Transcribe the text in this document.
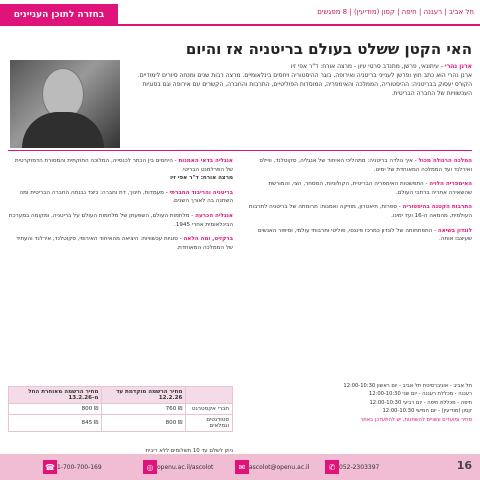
חל אביב | רעננה | חיפה | קסון (מודיעין) | 8 מפגשים
בחזרה לתוכן העניינים
האי הקטן ששלט בעולם בריטניה אז והיום
ארנן נהרי - עיתונאי, פרשן, מתנדב סרטי עיון - מרצה אורח: ד"ר אפי זיו
ארנן נהרי הוא כתב חוץ ופרשן לענייני בריטניה ואירופה, בוגר ההיסטוריה ויחסים בינלאומיים. מרצה רבות שנים ומנחה סיורים לימודיים. הקורס יעסוק בבריטניה: ההיסטוריה, הממלכה והאימפריה, המוסדות הפוליטיים, התרבות והחברה, הקשרים עם אירופה וגם בסוגיות העכשוויות של החברה הבריטית.

המלכה הרגולה מכול - איך נולדה בריטניה: מתהליכי האיחוד של אנגליה, סקוטלנד, וויילס ואירלנד ועד הממלכה המאוחדת של ימינו.

האימפריה הלויה - התפשטות האימפריה הבריטית, הקולוניות, המסחר, הצי, והמורשת שהשאירה אחריה ברחבי העולם.

התרבות הקטנה בהיסטוריה - ספרות, תיאטרון, מוזיקה ואמנות: תרומתה של בריטניה לתרבות העולמית, מהמאה ה-16 ועד ימינו.

לונדון בשיאה - התפתחותה של לונדון כמרכז פיננסי, פוליטי ותרבותי עולמי, וסיפור האנשים שעיצבו אותה.

אנגליה בדאי האמנות - היחסים בין הכתר לכנסייה, המלוכה החוקתית והמסורת הדמוקרטית של הפרלמנט הבריטי.
מרצה אורח: ד"ר אפי זיו

בריטניה והריבוד החברתי - מעמדות, חינוך, דת וחברה: כיצד נבנתה החברה הבריטית ומה השתנה בה לאורך השנים.

אנגליה הכרעה - מלחמות העולם, השפעתן של מלחמות העולם על בריטניה, ומקומה במערכת הבינלאומית אחרי 1945.

ברקזיט, ומה הלאה - סוגיות עכשוויות: היציאה מהאיחוד האירופי, סקוטלנד, אירלנד והעתיד של הממלכה המאוחדת.

תל אביב - אוניברסיטת תל אביב - יום ראשון 12:00-10:30
רעננה - מכללת רעננה - יום שני 12:00-10:30
חיפה - מכללת חיפה - יום רביעי 12:00-10:30
קסון (מודיעין) - יום חמישי 12:00-10:30
מחיר ומועדים עשויים להשתנות, יש להתעדכן באתר
	מחיר הרשמה מוקדמת עד 12.2.26	מחיר הרשמה מאוחרת החל מ-13.2.26
חברי אקסטרנט	₪ 760	₪ 800
סטודנטים וגמלאים	₪ 800	₪ 845
ניתן לשלם עד 10 תשלומים ללא ריבית
16
052-2303397
✆
ascolot@openu.ac.il
✉
openu.ac.il/ascolot
◎
1-700-700-169
☎
